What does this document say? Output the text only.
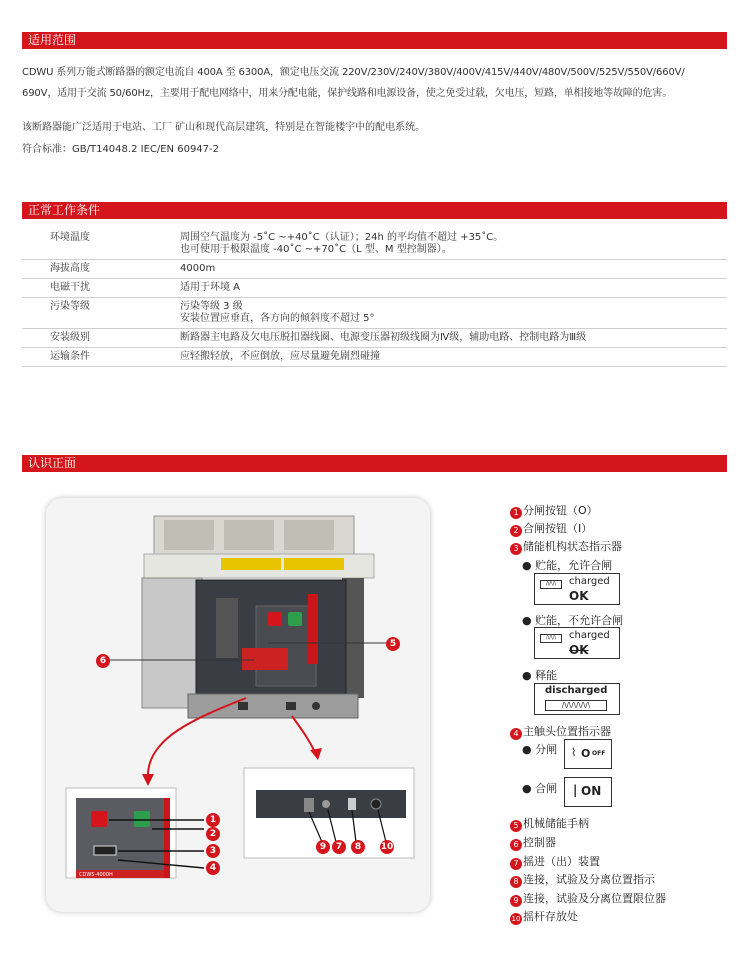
适用范围
正常工作条件
认识正面
CDWU 系列万能式断路器的额定电流自 400A 至 6300A，额定电压交流 220V/230V/240V/380V/400V/415V/440V/480V/500V/525V/550V/660V/
690V，适用于交流 50/60Hz，主要用于配电网络中，用来分配电能，保护线路和电源设备，使之免受过载，欠电压，短路，单相接地等故障的危害。
该断路器能广泛适用于电站、工厂 矿山和现代高层建筑，特别是在智能楼宇中的配电系统。
符合标准：GB/T14048.2 IEC/EN 60947-2
环境温度	周围空气温度为 -5˚C ~+40˚C（认证）；24h 的平均值不超过 +35˚C。
也可使用于极限温度 -40˚C ~+70˚C（L 型、M 型控制器）。

海拔高度	4000m

电磁干扰	适用于环境 A

污染等级	污染等级 3 级
安装位置应垂直，各方向的倾斜度不超过 5°

安装级别	断路器主电路及欠电压脱扣器线圈、电源变压器初级线圈为Ⅳ级，辅助电路、控制电路为Ⅲ级

运输条件	应轻搬轻放，不应倒放，应尽量避免剧烈碰撞
6
5
1
2
3
4
9	7	8	10
CDW5-4000H
1 分闸按钮（O）
2 合闸按钮（I）
3 储能机构状态指示器
● 贮能，允许合闸
/\/\/\	charged
OK
● 贮能，不允许合闸
/\/\/\	charged
OK
● 释能
discharged
/\/\/\/\/\/\
4 主触头位置指示器
● 分闸 ⌇ O OFF
● 合闸 | ON
5 机械储能手柄
6 控制器
7 摇进（出）装置
8 连接，试验及分离位置指示
9 连接，试验及分离位置限位器
10 摇杆存放处
